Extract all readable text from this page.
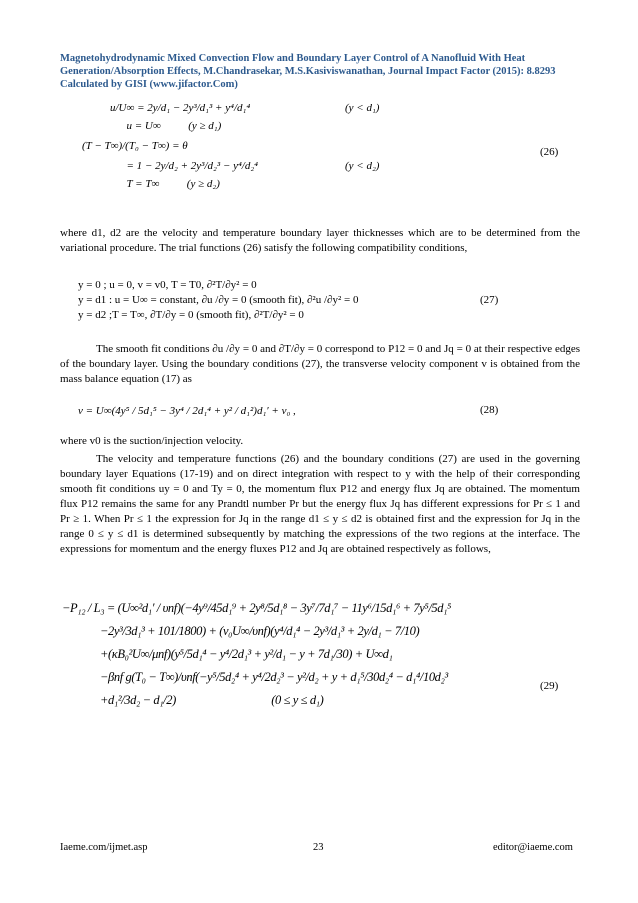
Magnetohydrodynamic Mixed Convection Flow and Boundary Layer Control of A Nanofluid With Heat
Generation/Absorption Effects, M.Chandrasekar, M.S.Kasiviswanathan, Journal Impact Factor (2015): 8.8293
Calculated by GISI (www.jifactor.Com)
u/U∞ = 2y/d₁ − 2y³/d₁³ + y⁴/d₁⁴	(y < d₁)
u = U∞          (y ≥ d₁)
(T − T∞)/(T₀ − T∞) = θ
= 1 − 2y/d₂ + 2y³/d₂³ − y⁴/d₂⁴	(y < d₂)
T = T∞          (y ≥ d₂)
(26)
where d1, d2 are the velocity and temperature boundary layer thicknesses which are to be determined from the variational procedure. The trial functions (26) satisfy the following compatibility conditions,
y = 0 ; u = 0, v = v0, T = T0, ∂²T/∂y² = 0
y = d1 : u = U∞ = constant, ∂u /∂y = 0 (smooth fit), ∂²u /∂y² = 0
y = d2 ;T = T∞, ∂T/∂y = 0 (smooth fit), ∂²T/∂y² = 0
(27)
The smooth fit conditions ∂u /∂y = 0 and ∂T/∂y = 0 correspond to P12 = 0 and Jq = 0 at their respective edges of the boundary layer. Using the boundary conditions (27), the transverse velocity component v is obtained from the mass balance equation (17) as
v = U∞(4y⁵ / 5d₁⁵ − 3y⁴ / 2d₁⁴ + y² / d₁²)d₁′ + v₀ ,	(28)
where v0 is the suction/injection velocity.
The velocity and temperature functions (26) and the boundary conditions (27) are used in the governing boundary layer Equations (17-19) and on direct integration with respect to y with the help of their corresponding smooth fit conditions uy = 0 and Ty = 0, the momentum flux P12 and energy flux Jq are obtained. The momentum flux P12 remains the same for any Prandtl number Pr but the energy flux Jq has different expressions for Pr ≤ 1 and Pr ≥ 1. When Pr ≤ 1 the expression for Jq in the range d1 ≤ y ≤ d2 is obtained first and the expression for Jq in the range 0 ≤ y ≤ d1 is determined subsequently by matching the expressions of the two regions at the interface. The expressions for momentum and the energy fluxes P12 and Jq are obtained respectively as follows,
−P₁₂ / L₃ = (U∞²d₁′ / υnf)(−4y⁹/45d₁⁹ + 2y⁸/5d₁⁸ − 3y⁷/7d₁⁷ − 11y⁶/15d₁⁶ + 7y⁵/5d₁⁵
−2y³/3d₁³ + 101/1800) + (v₀U∞/υnf)(y⁴/d₁⁴ − 2y³/d₁³ + 2y/d₁ − 7/10)
+(κB₀²U∞/μnf)(y⁵/5d₁⁴ − y⁴/2d₁³ + y²/d₁ − y + 7d₁/30) + U∞d₁
−βnf g(T₀ − T∞)/υnf(−y⁵/5d₂⁴ + y⁴/2d₂³ − y²/d₂ + y + d₁⁵/30d₂⁴ − d₁⁴/10d₂³
+d₁²/3d₂ − d₁/2)                                   (0 ≤ y ≤ d₁)
(29)
Iaeme.com/ijmet.asp	23	editor@iaeme.com
